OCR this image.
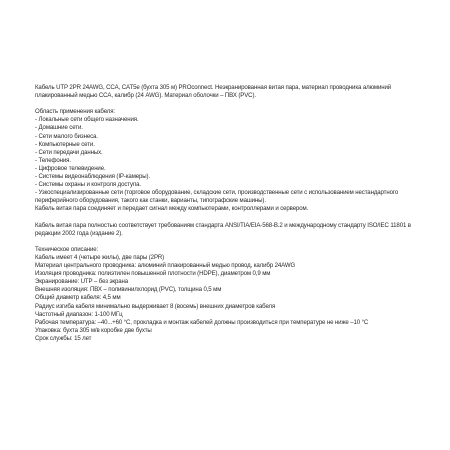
Кабель UTP 2PR 24AWG, CCA, CAT5e (бухта 305 м) PROconnect. Неэкранированная витая пара, материал проводника алюминий плакированный медью CCA, калибр (24 AWG). Материал оболочки – ПВХ (PVC).

Область применения кабеля:
- Локальные сети общего назначения.
- Домашние сети.
- Сети малого бизнеса.
- Компьютерные сети.
- Сети передачи данных.
- Телефония.
- Цифровое телевидение.
- Системы видеонаблюдения (IP-камеры).
- Системы охраны и контроля доступа.
- Узкоспециализированные сети (торговое оборудование, складские сети, производственные сети с использованием нестандартного периферийного оборудования, такого как станки, варианты, типографские машины).
Кабель витая пара соединяет и передает сигнал между компьютерами, контроллерами и сервером.

Кабель витая пара полностью соответствует требованиям стандарта ANSI/TIA/EIA-568-B.2 и международному стандарту ISO/IEC 11801 в редакции 2002 года (издание 2).

Техническое описание:
Кабель имеет 4 (четыре жилы), две пары (2PR)
Материал центрального проводника: алюминий плакированный медью провод, калибр 24AWG
Изоляция проводника: полиэтилен повышенной плотности (HDPE), диаметром 0,9 мм
Экранирование: UTP – без экрана
Внешняя изоляция: ПВХ – поливинилхлорид (PVC), толщина 0,5 мм
Общий диаметр кабеля: 4,5 мм
Радиус изгиба кабеля минимально выдерживает 8 (восемь) внешних диаметров кабеля
Частотный диапазон: 1-100 МГц
Рабочая температура: –40...+60 °C, прокладка и монтаж кабелей должны производиться при температуре не ниже –10 °C
Упаковка: бухта 305 м/в коробке две бухты
Срок службы: 15 лет
